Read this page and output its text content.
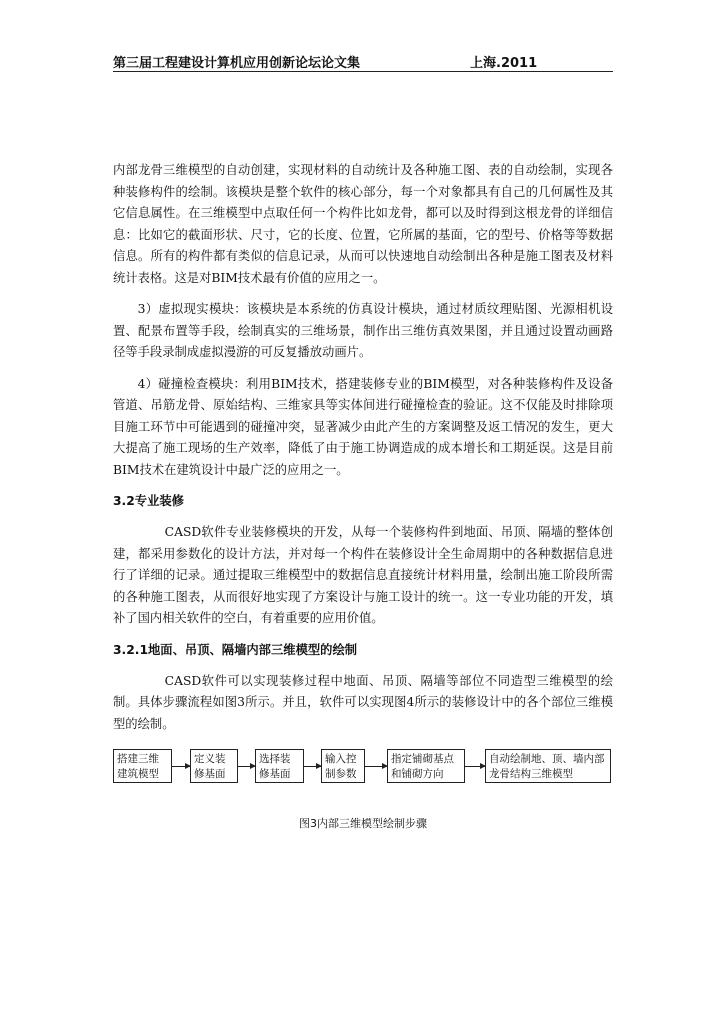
第三届工程建设计算机应用创新论坛论文集	上海.2011

内部龙骨三维模型的自动创建，实现材料的自动统计及各种施工图、表的自动绘制，实现各种装修构件的绘制。该模块是整个软件的核心部分，每一个对象都具有自己的几何属性及其它信息属性。在三维模型中点取任何一个构件比如龙骨，都可以及时得到这根龙骨的详细信息：比如它的截面形状、尺寸，它的长度、位置，它所属的基面，它的型号、价格等等数据信息。所有的构件都有类似的信息记录，从而可以快速地自动绘制出各种是施工图表及材料统计表格。这是对BIM技术最有价值的应用之一。

3）虚拟现实模块：该模块是本系统的仿真设计模块，通过材质纹理贴图、光源相机设置、配景布置等手段，绘制真实的三维场景，制作出三维仿真效果图，并且通过设置动画路径等手段录制成虚拟漫游的可反复播放动画片。

4）碰撞检查模块：利用BIM技术，搭建装修专业的BIM模型，对各种装修构件及设备管道、吊筋龙骨、原始结构、三维家具等实体间进行碰撞检查的验证。这不仅能及时排除项目施工环节中可能遇到的碰撞冲突，显著减少由此产生的方案调整及返工情况的发生，更大大提高了施工现场的生产效率，降低了由于施工协调造成的成本增长和工期延误。这是目前BIM技术在建筑设计中最广泛的应用之一。

3.2专业装修

CASD软件专业装修模块的开发，从每一个装修构件到地面、吊顶、隔墙的整体创建，都采用参数化的设计方法，并对每一个构件在装修设计全生命周期中的各种数据信息进行了详细的记录。通过提取三维模型中的数据信息直接统计材料用量，绘制出施工阶段所需的各种施工图表，从而很好地实现了方案设计与施工设计的统一。这一专业功能的开发，填补了国内相关软件的空白，有着重要的应用价值。

3.2.1地面、吊顶、隔墙内部三维模型的绘制

CASD软件可以实现装修过程中地面、吊顶、隔墙等部位不同造型三维模型的绘制。具体步骤流程如图3所示。并且，软件可以实现图4所示的装修设计中的各个部位三维模型的绘制。

搭建三维建筑模型
定义装修基面
选择装修基面
输入控制参数
指定铺砌基点和铺砌方向
自动绘制地、顶、墙内部龙骨结构三维模型
图3内部三维模型绘制步骤
